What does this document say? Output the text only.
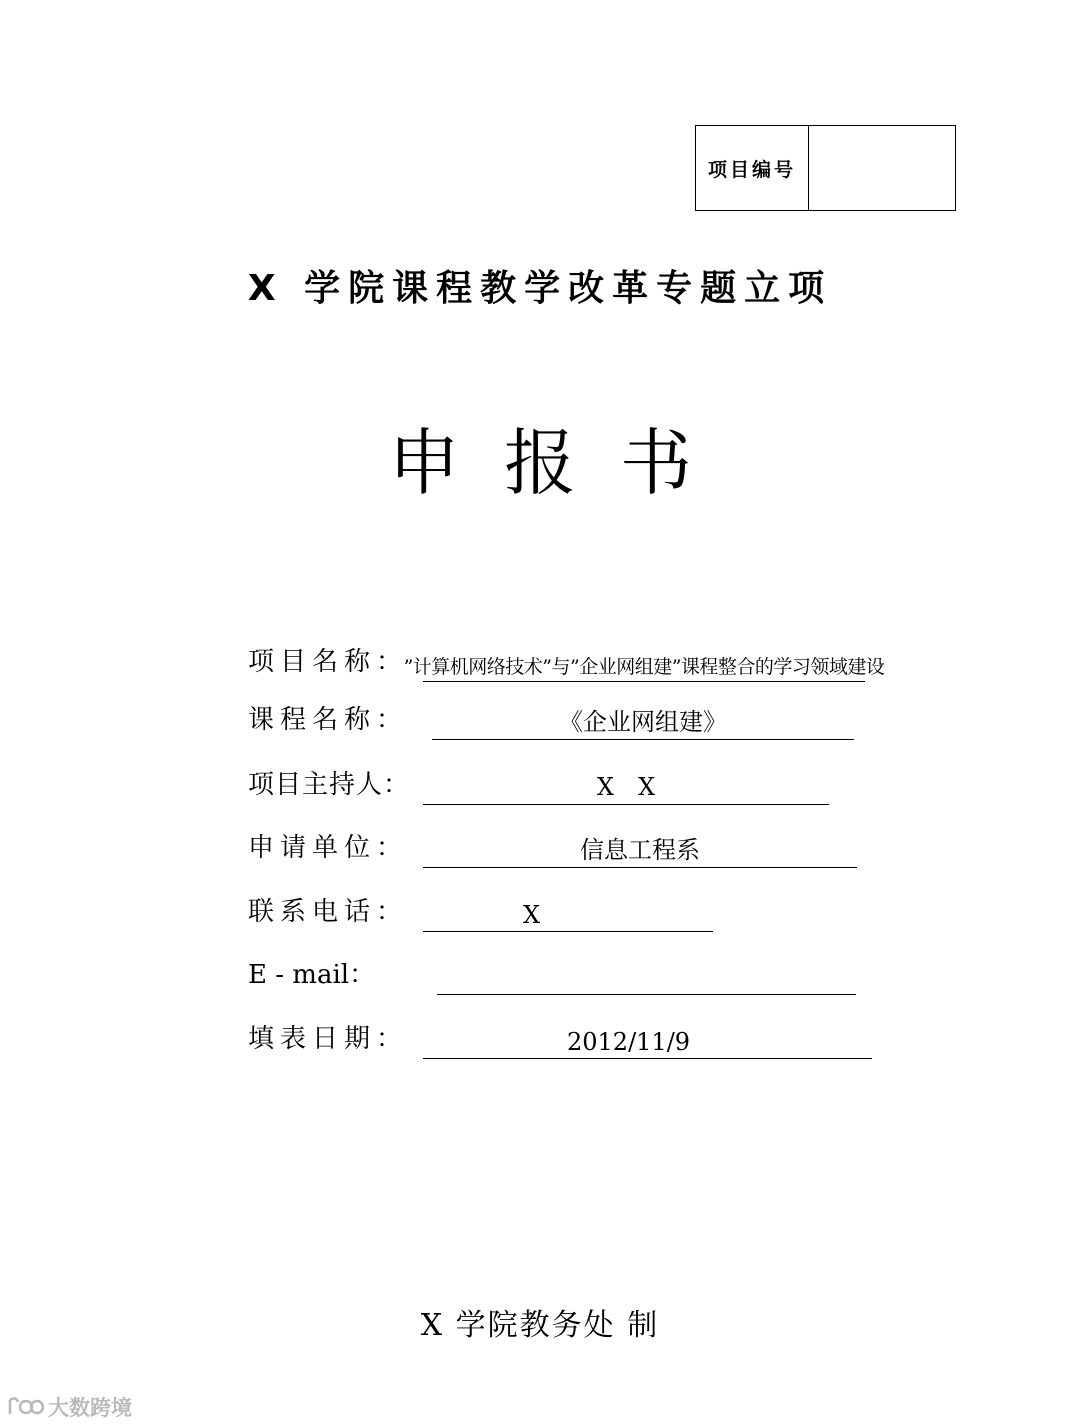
项目编号
X 学院课程教学改革专题立项
申报书
项目名称：
”计算机网络技术”与”企业网组建”课程整合的学习领域建设
课程名称：	《企业网组建》
项目主持人：	X　X
申请单位：	信息工程系
联系电话：	X
E - mail：
填表日期：	2012/11/9
X 学院教务处 制
大数跨境
